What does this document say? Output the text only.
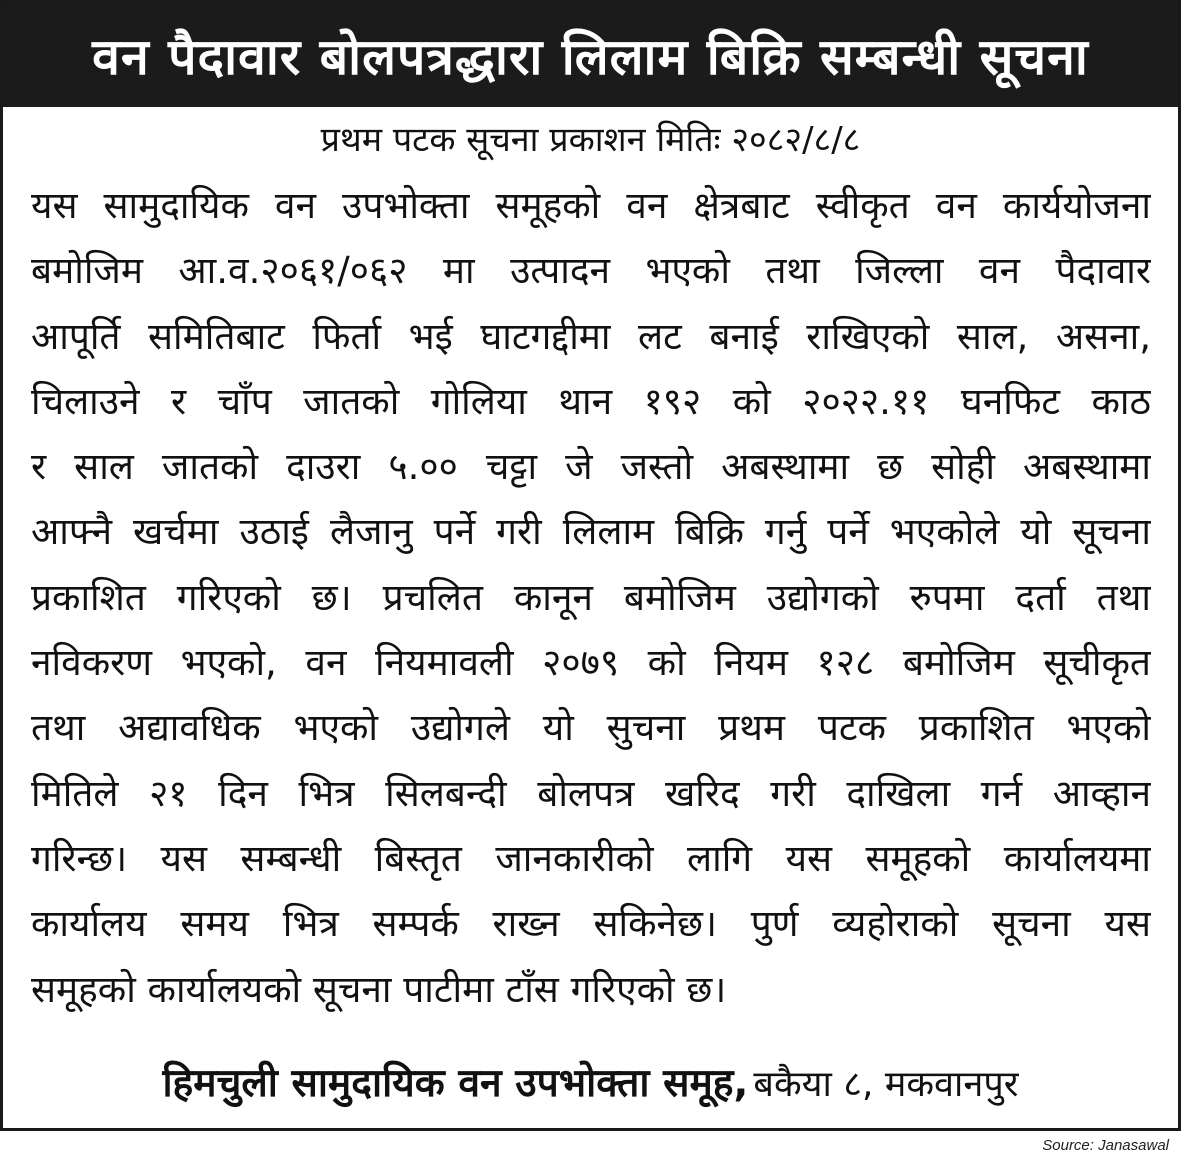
वन पैदावार बोलपत्रद्धारा लिलाम बिक्रि सम्बन्धी सूचना
प्रथम पटक सूचना प्रकाशन मितिः २०८२/८/८
यस सामुदायिक वन उपभोक्ता समूहको वन क्षेत्रबाट स्वीकृत वन कार्ययोजना
बमोजिम आ.व.२०६१/०६२ मा उत्पादन भएको तथा जिल्ला वन पैदावार
आपूर्ति समितिबाट फिर्ता भई घाटगद्दीमा लट बनाई राखिएको साल, असना,
चिलाउने र चाँप जातको गोलिया थान १९२ को २०२२.११ घनफिट काठ
र साल जातको दाउरा ५.०० चट्टा जे जस्तो अबस्थामा छ सोही अबस्थामा
आफ्नै खर्चमा उठाई लैजानु पर्ने गरी लिलाम बिक्रि गर्नु पर्ने भएकोले यो सूचना
प्रकाशित गरिएको छ। प्रचलित कानून बमोजिम उद्योगको रुपमा दर्ता तथा
नविकरण भएको, वन नियमावली २०७९ को नियम १२८ बमोजिम सूचीकृत
तथा अद्यावधिक भएको उद्योगले यो सुचना प्रथम पटक प्रकाशित भएको
मितिले २१ दिन भित्र सिलबन्दी बोलपत्र खरिद गरी दाखिला गर्न आव्हान
गरिन्छ। यस सम्बन्धी बिस्तृत जानकारीको लागि यस समूहको कार्यालयमा
कार्यालय समय भित्र सम्पर्क राख्न सकिनेछ। पुर्ण व्यहोराको सूचना यस
समूहको कार्यालयको सूचना पाटीमा टाँस गरिएको छ।
हिमचुली सामुदायिक वन उपभोक्ता समूह, बकैया ८, मकवानपुर
Source: Janasawal
